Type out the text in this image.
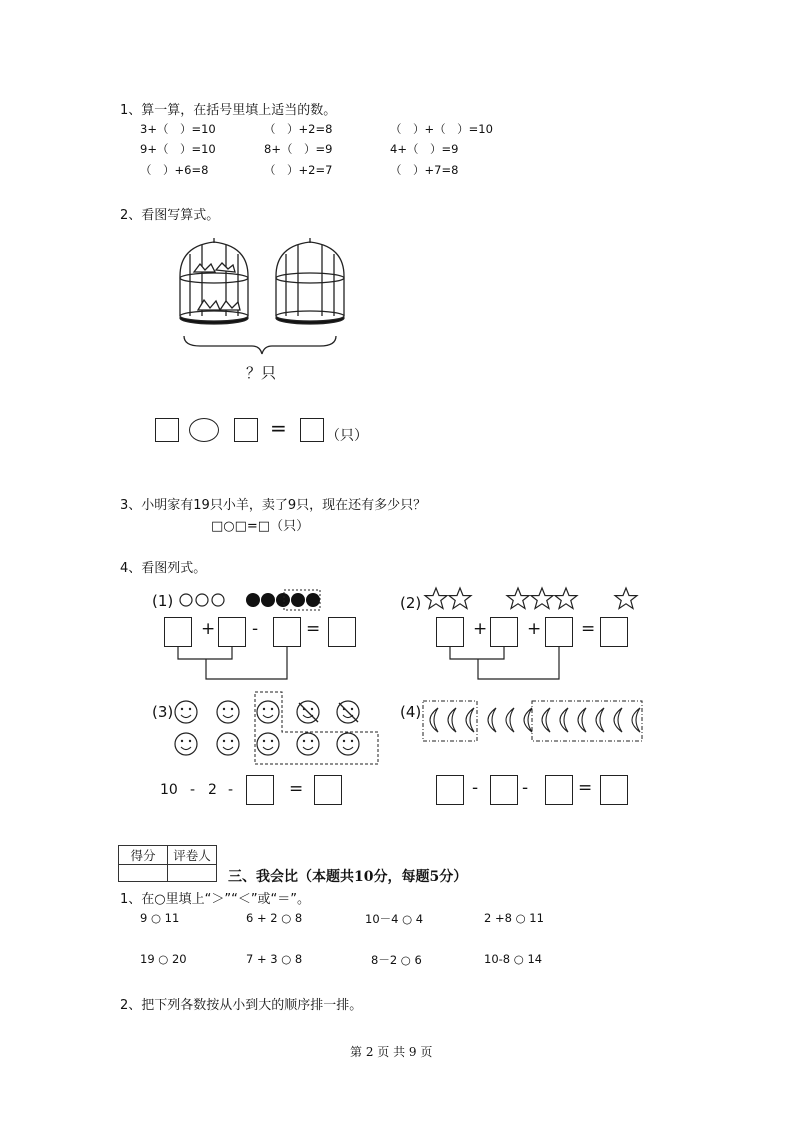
1、算一算，在括号里填上适当的数。
3+（　）=10	（　）+2=8	（　）+（　）=10
9+（　）=10	8+（　）=9	4+（　）=9
（　）+6=8	（　）+2=7	（　）+7=8
2、看图写算式。
？只
=	（只）
3、小明家有19只小羊，卖了9只，现在还有多少只？
□○□=□（只）
4、看图列式。
(1)
+ -	=
(2)
+ + =
(3)
10 - 2 -	=
(4)
-	-	=
得分	评卷人

三、我会比（本题共10分，每题5分）
1、在○里填上“＞”“＜”或“＝”。
9 ○ 11	6 + 2 ○ 8	10－4 ○ 4	2 +8 ○ 11
19 ○ 20	7 + 3 ○ 8	8－2 ○ 6	10-8 ○ 14
2、把下列各数按从小到大的顺序排一排。
第 2 页 共 9 页
